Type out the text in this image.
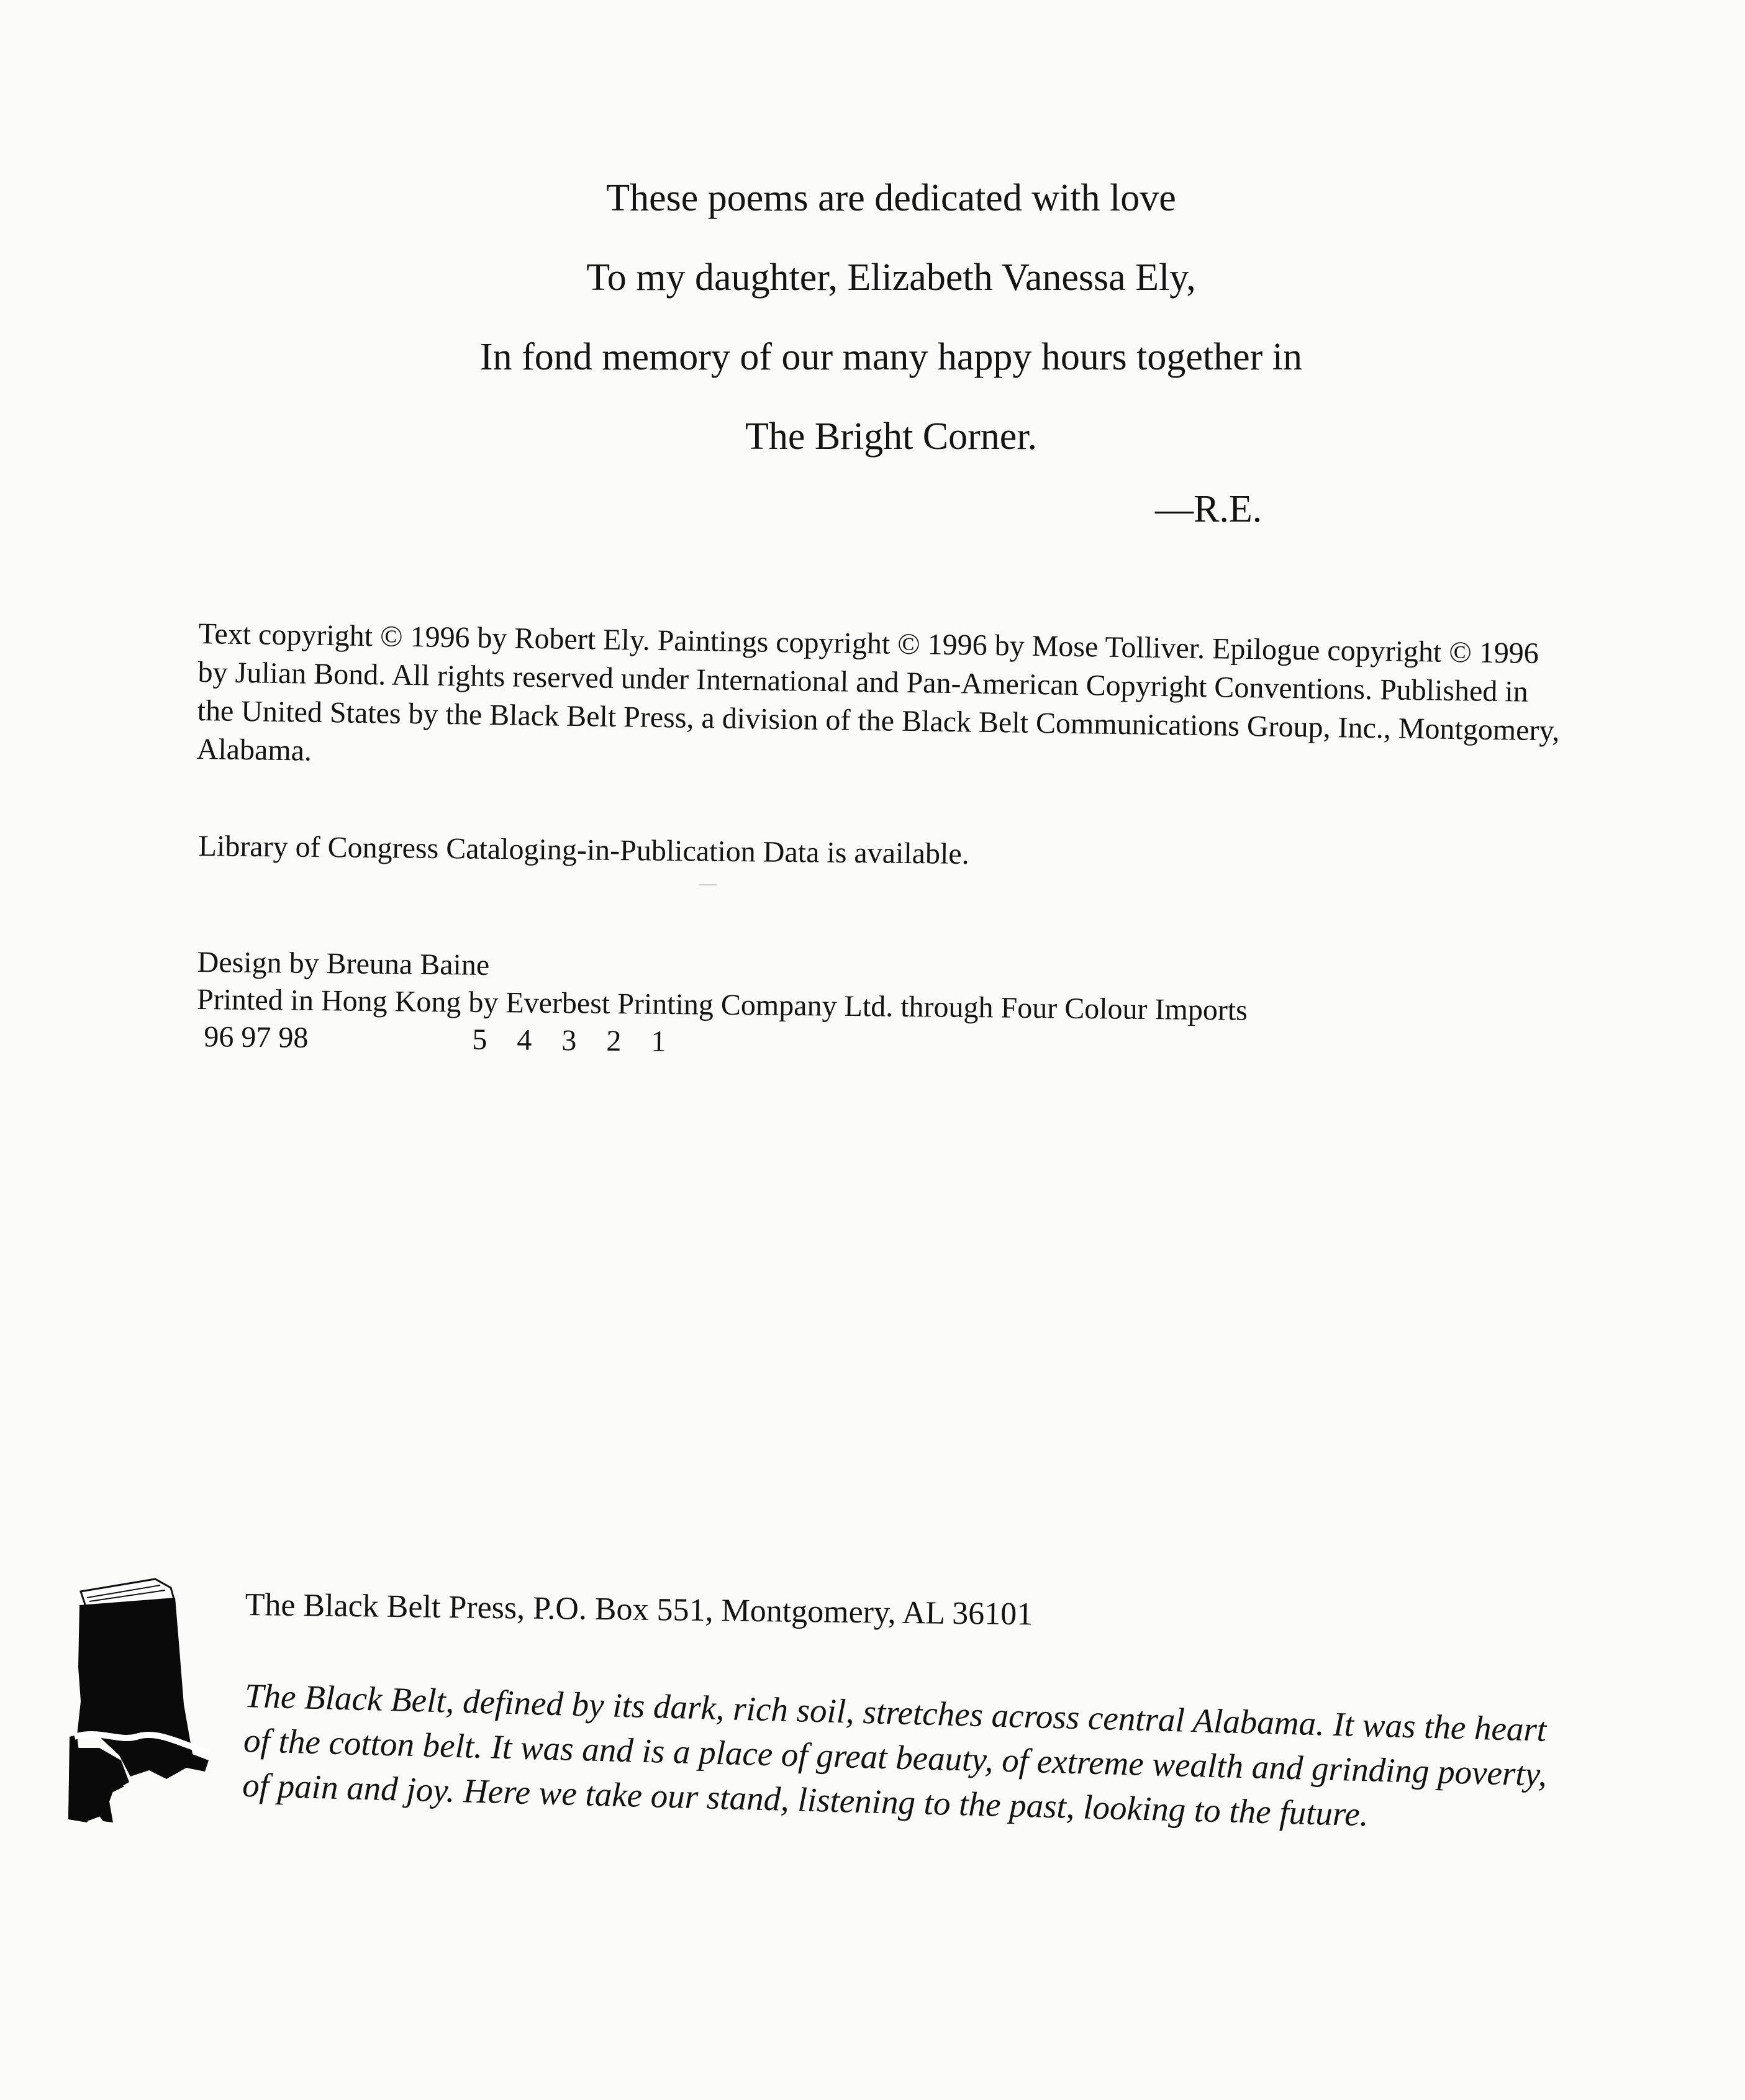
These poems are dedicated with love
To my daughter, Elizabeth Vanessa Ely,
In fond memory of our many happy hours together in
The Bright Corner.
—R.E.
Text copyright © 1996 by Robert Ely. Paintings copyright © 1996 by Mose Tolliver. Epilogue copyright © 1996 by Julian Bond. All rights reserved under International and Pan-American Copyright Conventions. Published in the United States by the Black Belt Press, a division of the Black Belt Communications Group, Inc., Montgomery, Alabama.
Library of Congress Cataloging-in-Publication Data is available.
Design by Breuna Baine
Printed in Hong Kong by Everbest Printing Company Ltd. through Four Colour Imports
96 97 98	5 4 3 2 1
The Black Belt Press, P.O. Box 551, Montgomery, AL 36101
The Black Belt, defined by its dark, rich soil, stretches across central Alabama. It was the heart of the cotton belt. It was and is a place of great beauty, of extreme wealth and grinding poverty, of pain and joy. Here we take our stand, listening to the past, looking to the future.
